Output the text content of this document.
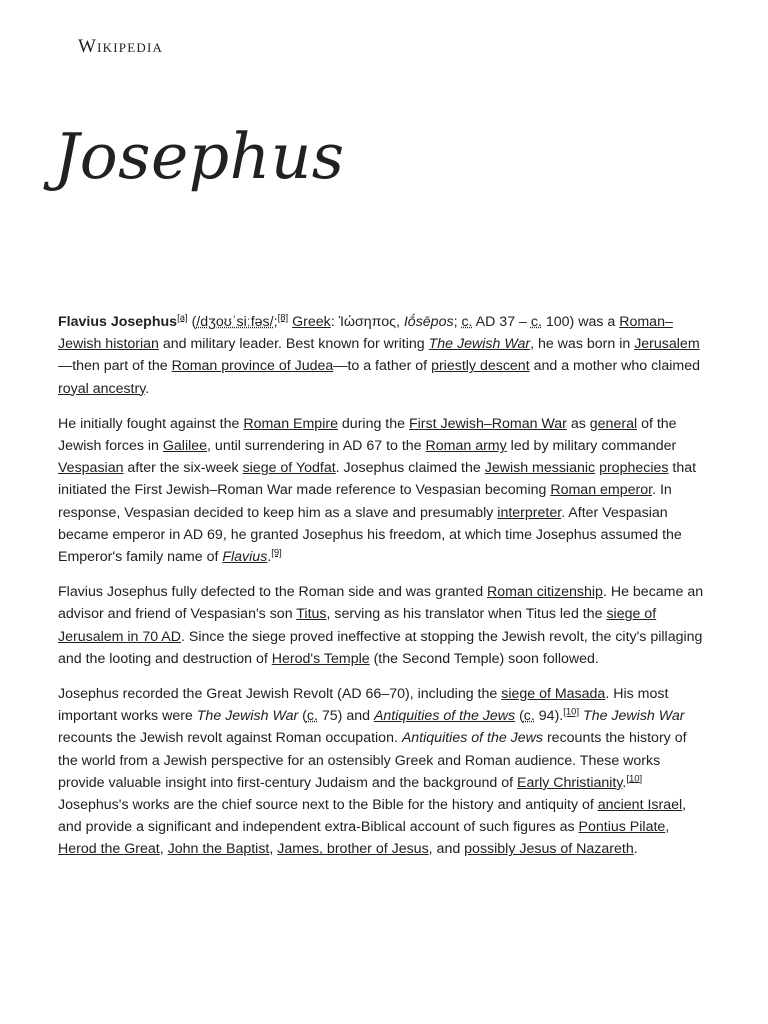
Wikipedia
Josephus

Flavius Josephus[a] (/dʒoʊˈsiːfəs/;[8] Greek: Ἰώσηπος, Iṓsēpos; c. AD 37 – c. 100) was a Roman–Jewish historian and military leader. Best known for writing The Jewish War, he was born in Jerusalem—then part of the Roman province of Judea—to a father of priestly descent and a mother who claimed royal ancestry.

He initially fought against the Roman Empire during the First Jewish–Roman War as general of the Jewish forces in Galilee, until surrendering in AD 67 to the Roman army led by military commander Vespasian after the six-week siege of Yodfat. Josephus claimed the Jewish messianic prophecies that initiated the First Jewish–Roman War made reference to Vespasian becoming Roman emperor. In response, Vespasian decided to keep him as a slave and presumably interpreter. After Vespasian became emperor in AD 69, he granted Josephus his freedom, at which time Josephus assumed the Emperor's family name of Flavius.[9]

Flavius Josephus fully defected to the Roman side and was granted Roman citizenship. He became an advisor and friend of Vespasian's son Titus, serving as his translator when Titus led the siege of Jerusalem in 70 AD. Since the siege proved ineffective at stopping the Jewish revolt, the city's pillaging and the looting and destruction of Herod's Temple (the Second Temple) soon followed.

Josephus recorded the Great Jewish Revolt (AD 66–70), including the siege of Masada. His most important works were The Jewish War (c. 75) and Antiquities of the Jews (c. 94).[10] The Jewish War recounts the Jewish revolt against Roman occupation. Antiquities of the Jews recounts the history of the world from a Jewish perspective for an ostensibly Greek and Roman audience. These works provide valuable insight into first-century Judaism and the background of Early Christianity.[10] Josephus's works are the chief source next to the Bible for the history and antiquity of ancient Israel, and provide a significant and independent extra-Biblical account of such figures as Pontius Pilate, Herod the Great, John the Baptist, James, brother of Jesus, and possibly Jesus of Nazareth.
